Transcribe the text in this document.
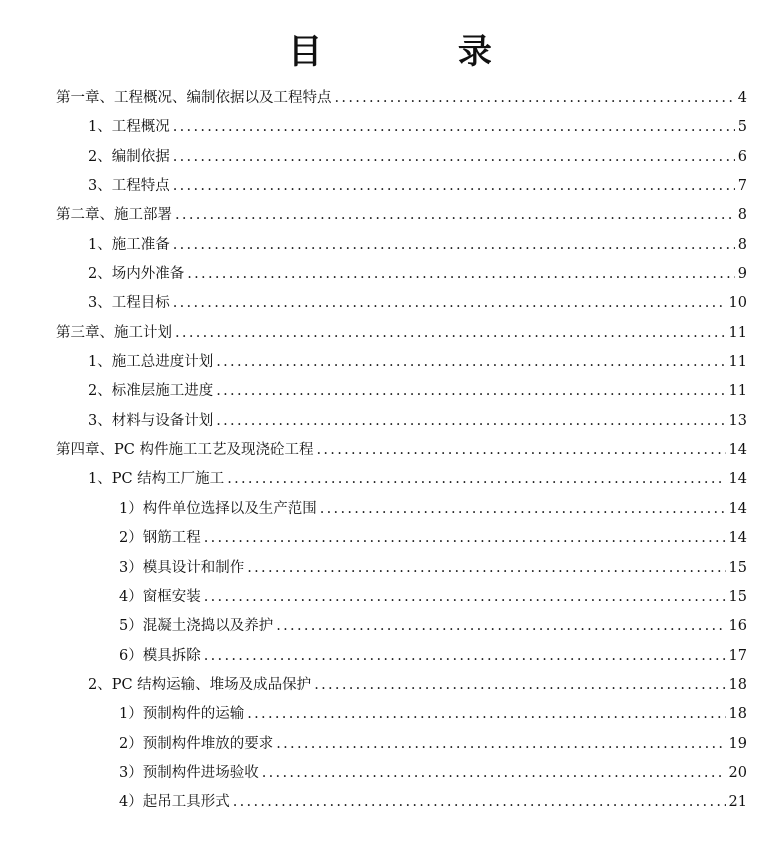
目 录
第一章、工程概况、编制依据以及工程特点 .....	4
1、工程概况 .....	5
2、编制依据 .....	6
3、工程特点 .....	7
第二章、施工部署 .....	8
1、施工准备 .....	8
2、场内外准备 .....	9
3、工程目标 .....	10
第三章、施工计划 .....	11
1、施工总进度计划 .....	11
2、标准层施工进度 .....	11
3、材料与设备计划 .....	13
第四章、PC 构件施工工艺及现浇砼工程 .....	14
1、PC 结构工厂施工 .....	14
1）构件单位选择以及生产范围 .....	14
2）钢筋工程 .....	14
3）模具设计和制作 .....	15
4）窗框安装 .....	15
5）混凝土浇捣以及养护 .....	16
6）模具拆除 .....	17
2、PC 结构运输、堆场及成品保护 .....	18
1）预制构件的运输 .....	18
2）预制构件堆放的要求 .....	19
3）预制构件进场验收 .....	20
4）起吊工具形式 .....	21
